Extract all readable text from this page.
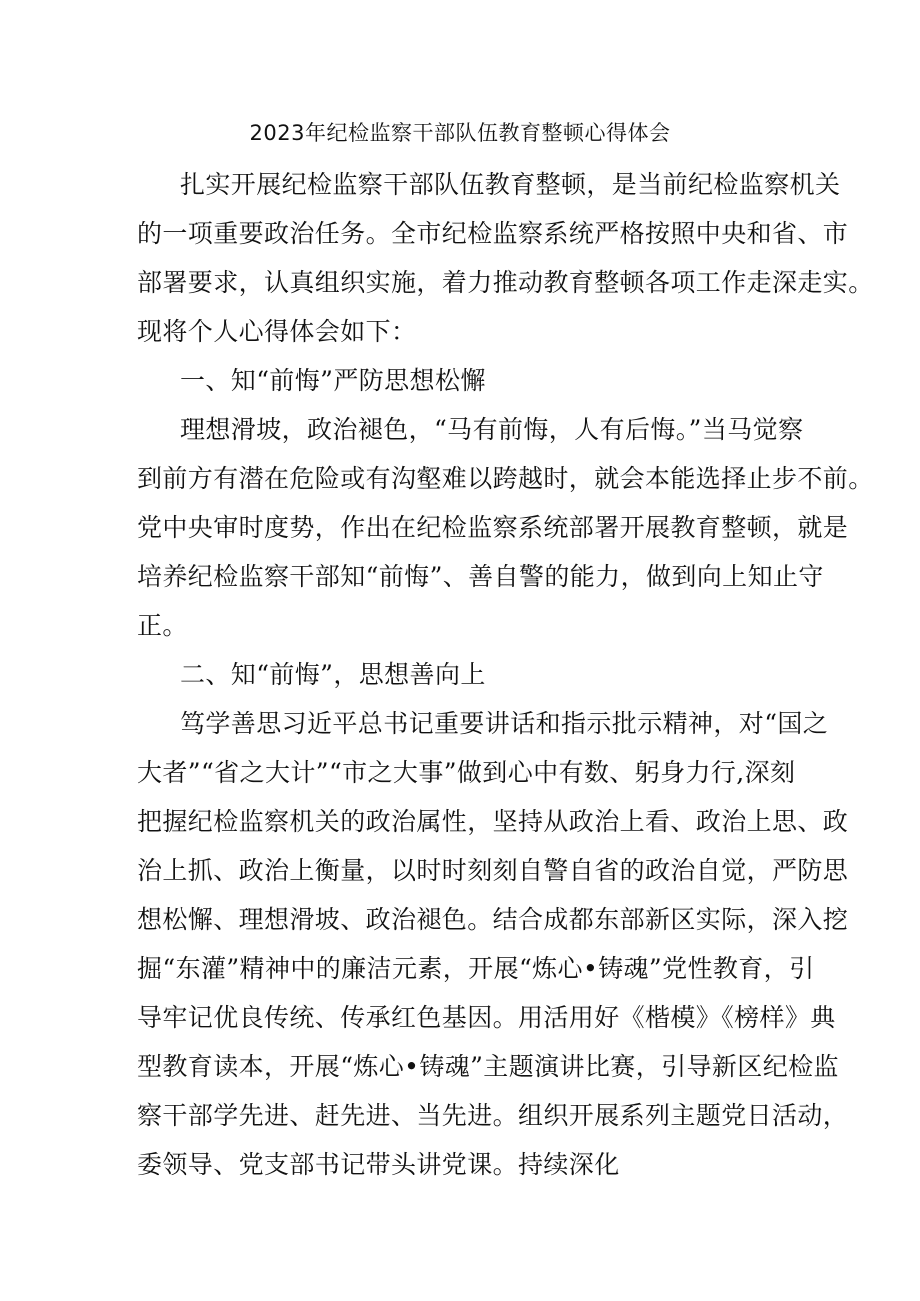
2023年纪检监察干部队伍教育整顿心得体会
扎实开展纪检监察干部队伍教育整顿，是当前纪检监察机关
的一项重要政治任务。全市纪检监察系统严格按照中央和省、市
部署要求，认真组织实施，着力推动教育整顿各项工作走深走实。
现将个人心得体会如下：
一、知“前悔”严防思想松懈
理想滑坡，政治褪色，“马有前悔，人有后悔。”当马觉察
到前方有潜在危险或有沟壑难以跨越时，就会本能选择止步不前。
党中央审时度势，作出在纪检监察系统部署开展教育整顿，就是
培养纪检监察干部知“前悔”、善自警的能力，做到向上知止守
正。
二、知“前悔”，思想善向上
笃学善思习近平总书记重要讲话和指示批示精神，对“国之
大者”“省之大计”“市之大事”做到心中有数、躬身力行,深刻
把握纪检监察机关的政治属性，坚持从政治上看、政治上思、政
治上抓、政治上衡量，以时时刻刻自警自省的政治自觉，严防思
想松懈、理想滑坡、政治褪色。结合成都东部新区实际，深入挖
掘“东灌”精神中的廉洁元素，开展“炼心•铸魂”党性教育，引
导牢记优良传统、传承红色基因。用活用好《楷模》《榜样》典
型教育读本，开展“炼心•铸魂”主题演讲比赛，引导新区纪检监
察干部学先进、赶先进、当先进。组织开展系列主题党日活动，
委领导、党支部书记带头讲党课。持续深化
